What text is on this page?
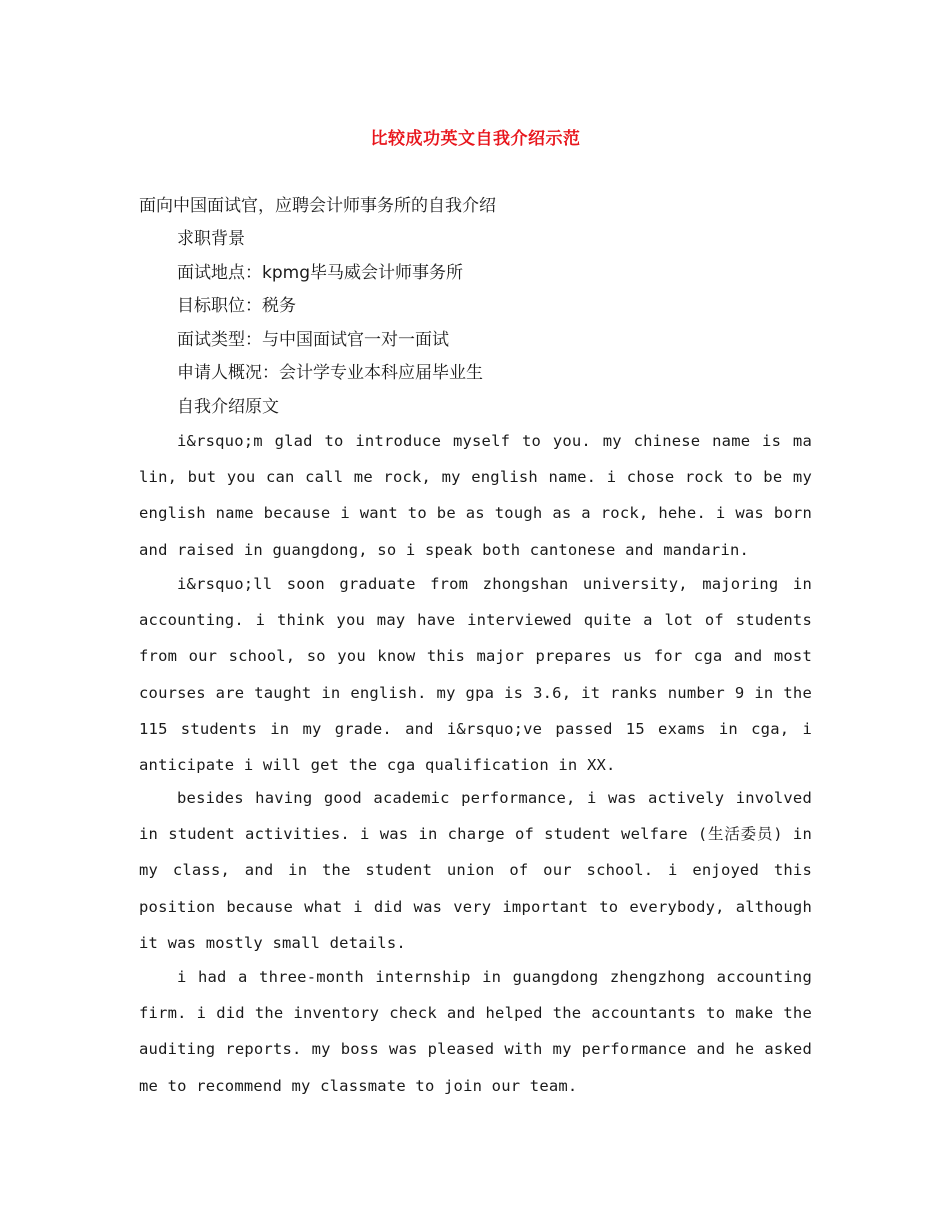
比较成功英文自我介绍示范
面向中国面试官，应聘会计师事务所的自我介绍
求职背景
面试地点：kpmg毕马威会计师事务所
目标职位：税务
面试类型：与中国面试官一对一面试
申请人概况：会计学专业本科应届毕业生
自我介绍原文

i&rsquo;m glad to introduce myself to you. my chinese name is ma lin, but you can call me rock, my english name. i chose rock to be my english name because i want to be as tough as a rock, hehe. i was born and raised in guangdong, so i speak both cantonese and mandarin.

i&rsquo;ll soon graduate from zhongshan university, majoring in accounting. i think you may have interviewed quite a lot of students from our school, so you know this major prepares us for cga and most courses are taught in english. my gpa is 3.6, it ranks number 9 in the 115 students in my grade. and i&rsquo;ve passed 15 exams in cga, i anticipate i will get the cga qualification in XX.

besides having good academic performance, i was actively involved in student activities. i was in charge of student welfare (生活委员) in my class, and in the student union of our school. i enjoyed this position because what i did was very important to everybody, although it was mostly small details.

i had a three-month internship in guangdong zhengzhong accounting firm. i did the inventory check and helped the accountants to make the auditing reports. my boss was pleased with my performance and he asked me to recommend my classmate to join our team.
